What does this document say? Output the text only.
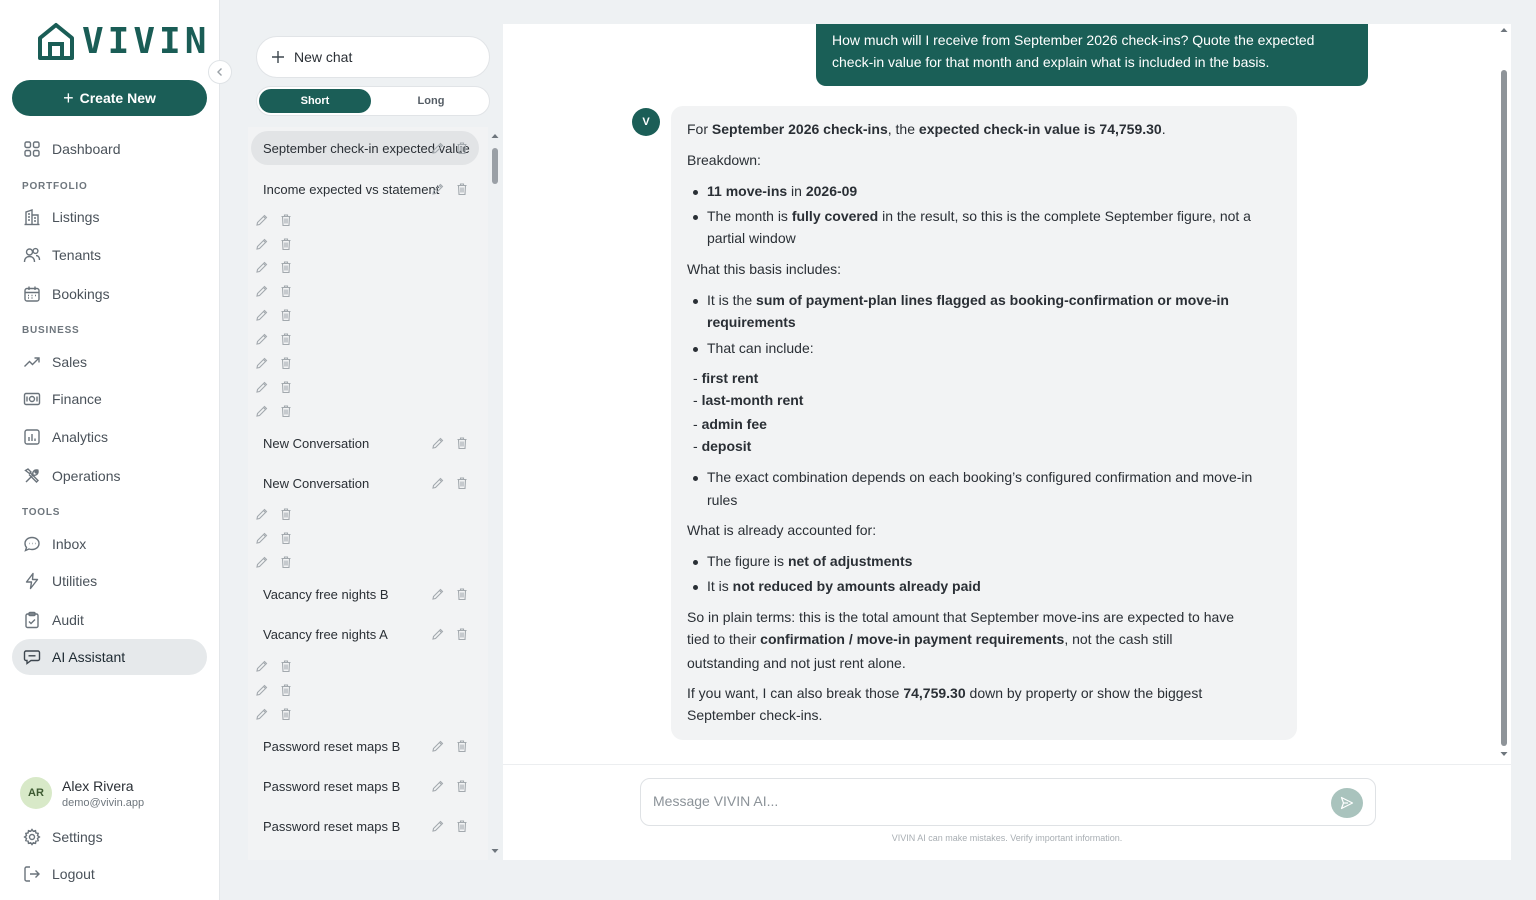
VIVIN
+ Create New
Dashboard
PORTFOLIO
Listings
Tenants
Bookings
BUSINESS
Sales
Finance
Analytics
Operations
TOOLS
Inbox
Utilities
Audit
AI Assistant
AR	Alex Rivera
demo@vivin.app
Settings
Logout
New chat
Short	Long
September check-in expected value
Income expected vs statement
New Conversation
New Conversation
Vacancy free nights B
Vacancy free nights A
Password reset maps B
Password reset maps B
Password reset maps B
How much will I receive from September 2026 check-ins? Quote the expected check-in value for that month and explain what is included in the basis.
V	For September 2026 check-ins, the expected check-in value is 74,759.30.
Breakdown:
11 move-ins in 2026-09
The month is fully covered in the result, so this is the complete September figure, not a
partial window
What this basis includes:
It is the sum of payment-plan lines flagged as booking-confirmation or move-in
requirements
That can include:
- first rent
- last-month rent
- admin fee
- deposit
The exact combination depends on each booking’s configured confirmation and move-in
rules
What is already accounted for:
The figure is net of adjustments
It is not reduced by amounts already paid
So in plain terms: this is the total amount that September move-ins are expected to have
tied to their confirmation / move-in payment requirements, not the cash still
outstanding and not just rent alone.
If you want, I can also break those 74,759.30 down by property or show the biggest
September check-ins.
Message VIVIN AI...
VIVIN AI can make mistakes. Verify important information.
